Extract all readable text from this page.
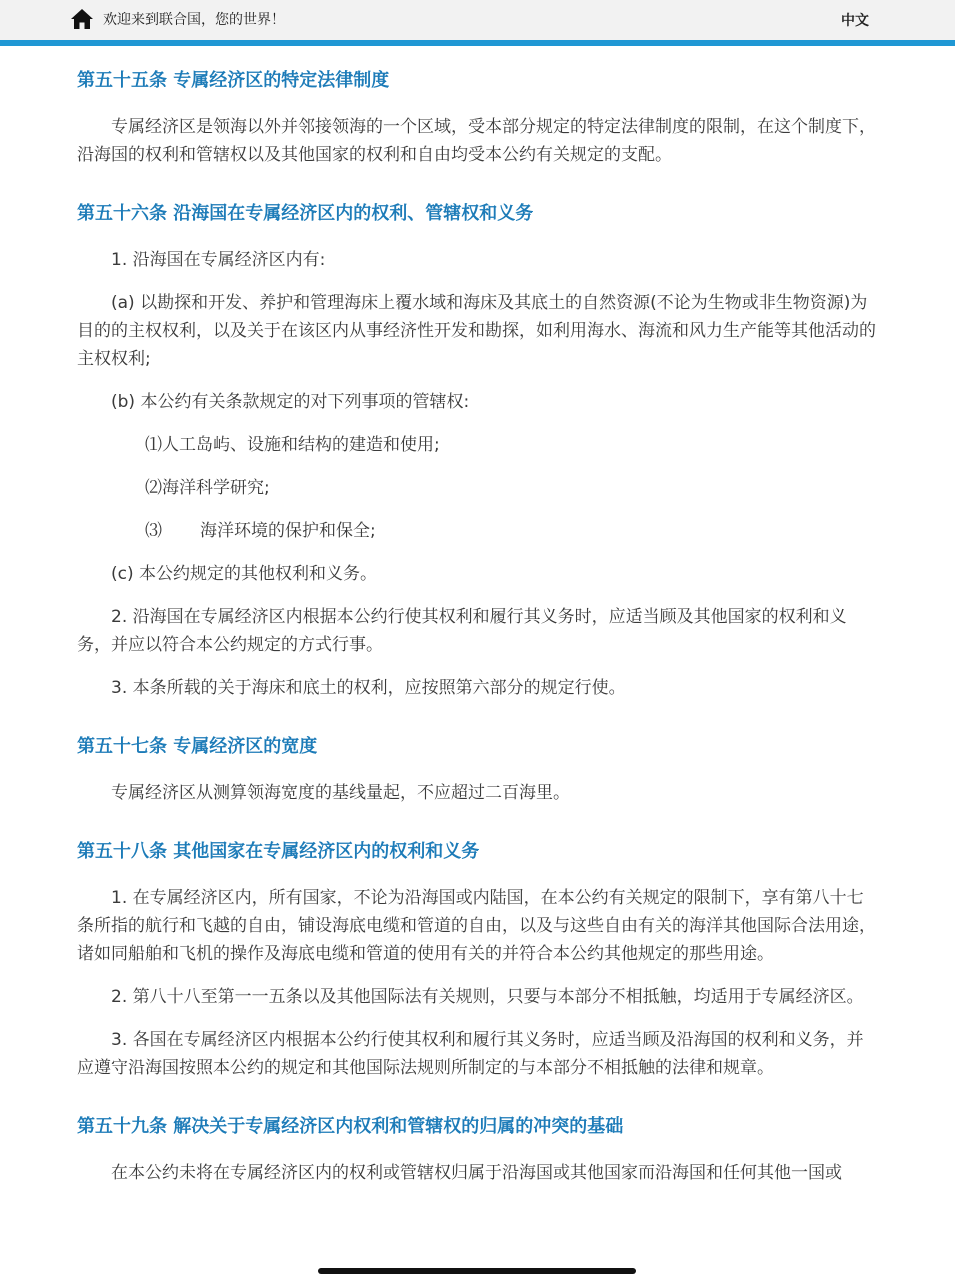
欢迎来到联合国，您的世界！	中文
第五十五条 专属经济区的特定法律制度

专属经济区是领海以外并邻接领海的一个区域，受本部分规定的特定法律制度的限制，在这个制度下，沿海国的权利和管辖权以及其他国家的权利和自由均受本公约有关规定的支配。

第五十六条 沿海国在专属经济区内的权利、管辖权和义务

1. 沿海国在专属经济区内有:

(a) 以勘探和开发、养护和管理海床上覆水域和海床及其底土的自然资源(不论为生物或非生物资源)为目的的主权权利，以及关于在该区内从事经济性开发和勘探，如利用海水、海流和风力生产能等其他活动的主权权利;

(b) 本公约有关条款规定的对下列事项的管辖权:

⑴人工岛屿、设施和结构的建造和使用;

⑵海洋科学研究;

⑶ 海洋环境的保护和保全;

(c) 本公约规定的其他权利和义务。

2. 沿海国在专属经济区内根据本公约行使其权利和履行其义务时，应适当顾及其他国家的权利和义务，并应以符合本公约规定的方式行事。

3. 本条所载的关于海床和底土的权利，应按照第六部分的规定行使。

第五十七条 专属经济区的宽度

专属经济区从测算领海宽度的基线量起，不应超过二百海里。

第五十八条 其他国家在专属经济区内的权利和义务

1. 在专属经济区内，所有国家，不论为沿海国或内陆国，在本公约有关规定的限制下，享有第八十七条所指的航行和飞越的自由，铺设海底电缆和管道的自由，以及与这些自由有关的海洋其他国际合法用途，诸如同船舶和飞机的操作及海底电缆和管道的使用有关的并符合本公约其他规定的那些用途。

2. 第八十八至第一一五条以及其他国际法有关规则，只要与本部分不相抵触，均适用于专属经济区。

3. 各国在专属经济区内根据本公约行使其权利和履行其义务时，应适当顾及沿海国的权利和义务，并应遵守沿海国按照本公约的规定和其他国际法规则所制定的与本部分不相抵触的法律和规章。

第五十九条 解决关于专属经济区内权利和管辖权的归属的冲突的基础

在本公约未将在专属经济区内的权利或管辖权归属于沿海国或其他国家而沿海国和任何其他一国或
